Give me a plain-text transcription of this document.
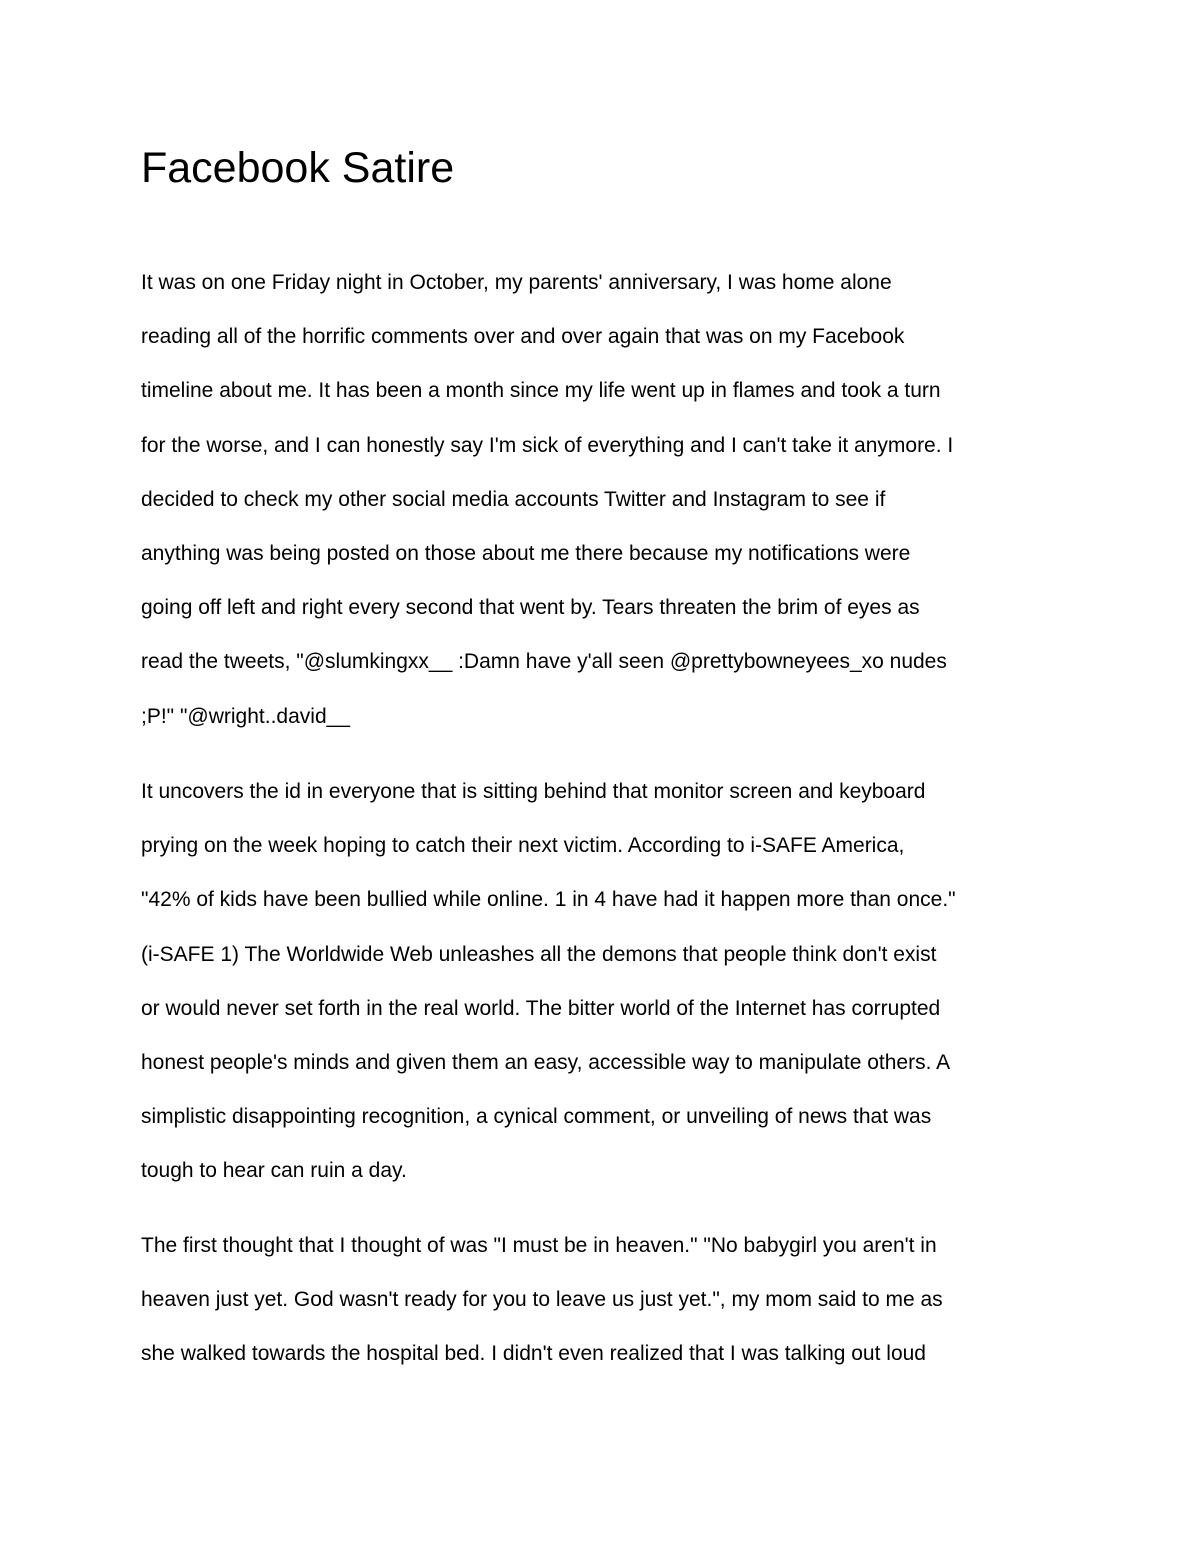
Facebook Satire

It was on one Friday night in October, my parents' anniversary, I was home alone
reading all of the horrific comments over and over again that was on my Facebook
timeline about me. It has been a month since my life went up in flames and took a turn
for the worse, and I can honestly say I'm sick of everything and I can't take it anymore. I
decided to check my other social media accounts Twitter and Instagram to see if
anything was being posted on those about me there because my notifications were
going off left and right every second that went by. Tears threaten the brim of eyes as
read the tweets, "@slumkingxx__ :Damn have y'all seen @prettybowneyees_xo nudes
;P!" "@wright..david__

It uncovers the id in everyone that is sitting behind that monitor screen and keyboard
prying on the week hoping to catch their next victim. According to i-SAFE America,
"42% of kids have been bullied while online. 1 in 4 have had it happen more than once."
(i-SAFE 1) The Worldwide Web unleashes all the demons that people think don't exist
or would never set forth in the real world. The bitter world of the Internet has corrupted
honest people's minds and given them an easy, accessible way to manipulate others. A
simplistic disappointing recognition, a cynical comment, or unveiling of news that was
tough to hear can ruin a day.

The first thought that I thought of was "I must be in heaven." "No babygirl you aren't in
heaven just yet. God wasn't ready for you to leave us just yet.", my mom said to me as
she walked towards the hospital bed. I didn't even realized that I was talking out loud
